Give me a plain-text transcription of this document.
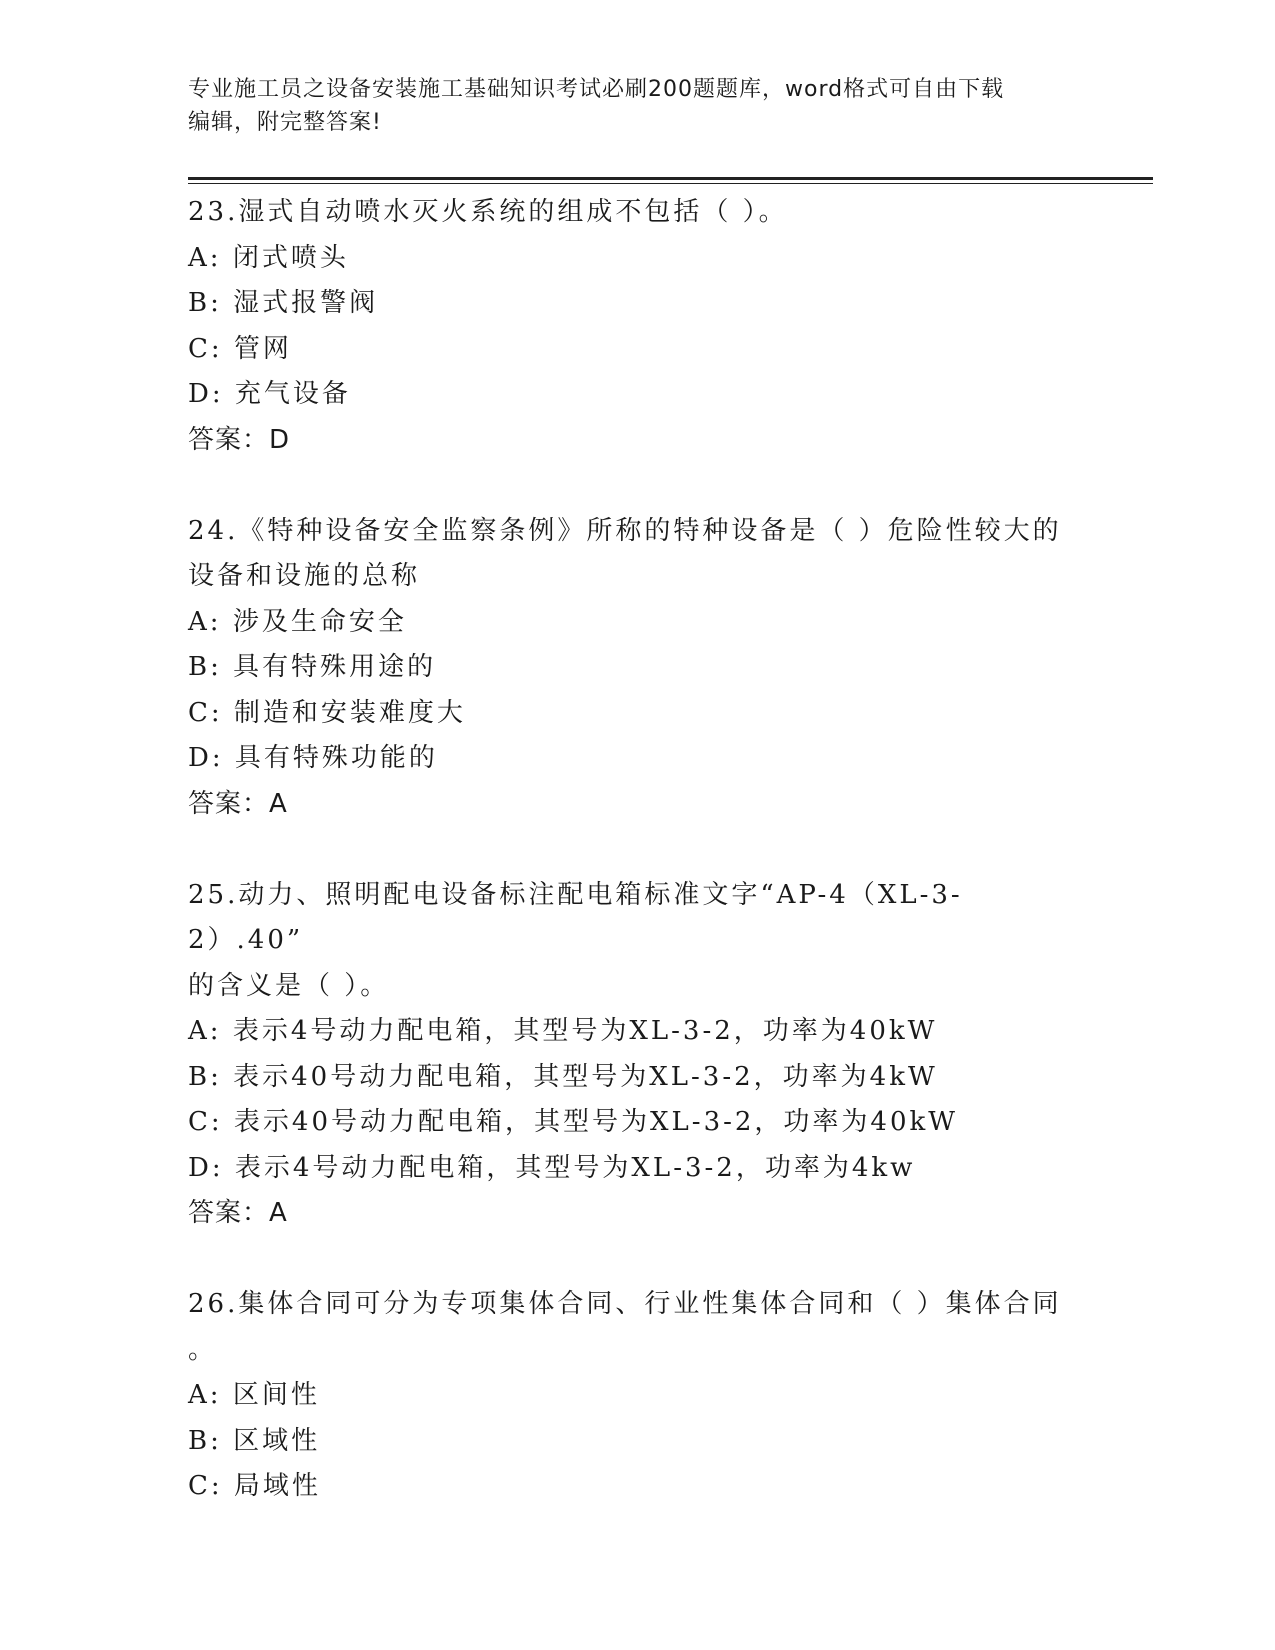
专业施工员之设备安装施工基础知识考试必刷200题题库，word格式可自由下载
编辑，附完整答案!
23.湿式自动喷水灭火系统的组成不包括（ ）。
A: 闭式喷头
B: 湿式报警阀
C: 管网
D: 充气设备
答案：D
24.《特种设备安全监察条例》所称的特种设备是（ ）危险性较大的
设备和设施的总称
A: 涉及生命安全
B: 具有特殊用途的
C: 制造和安装难度大
D: 具有特殊功能的
答案：A
25.动力、照明配电设备标注配电箱标准文字“AP-4（XL-3-2）.40”
的含义是（ ）。
A: 表示4号动力配电箱，其型号为XL-3-2，功率为40kW
B: 表示40号动力配电箱，其型号为XL-3-2，功率为4kW
C: 表示40号动力配电箱，其型号为XL-3-2，功率为40kW
D: 表示4号动力配电箱，其型号为XL-3-2，功率为4kw
答案：A
26.集体合同可分为专项集体合同、行业性集体合同和（ ）集体合同
。
A: 区间性
B: 区域性
C: 局域性
